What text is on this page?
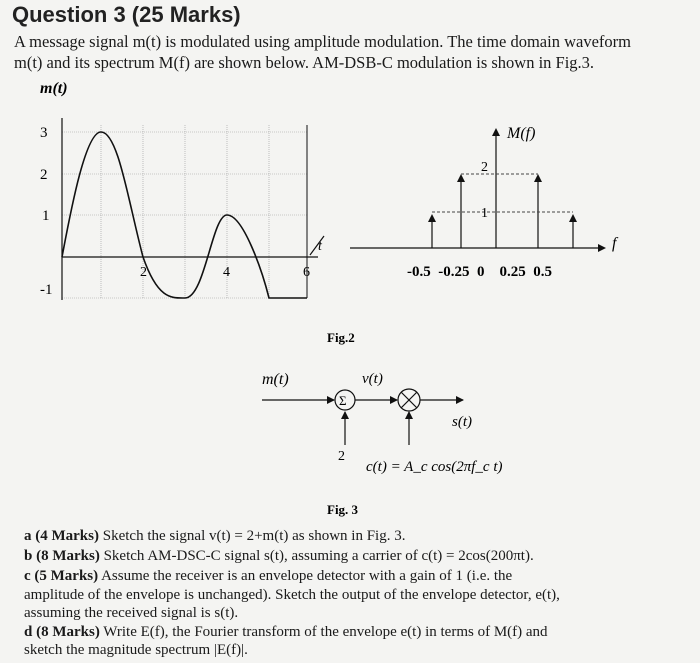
Question 3 (25 Marks)
A message signal m(t) is modulated using amplitude modulation. The time domain waveform
m(t) and its spectrum M(f) are shown below. AM-DSB-C modulation is shown in Fig.3.
m(t)
t
3
2
1
-1
2	4	6
f
M(f)
2
1
-0.5  -0.25  0    0.25  0.5
Fig.2
m(t)
Σ
2
v(t)
s(t)
c(t) = A_c cos(2πf_c t)
Fig. 3
a (4 Marks) Sketch the signal v(t) = 2+m(t) as shown in Fig. 3.
b (8 Marks) Sketch AM-DSC-C signal s(t), assuming a carrier of c(t) = 2cos(200πt).
c (5 Marks) Assume the receiver is an envelope detector with a gain of 1 (i.e. the
amplitude of the envelope is unchanged). Sketch the output of the envelope detector, e(t),
assuming the received signal is s(t).
d (8 Marks) Write E(f), the Fourier transform of the envelope e(t) in terms of M(f) and
sketch the magnitude spectrum |E(f)|.
